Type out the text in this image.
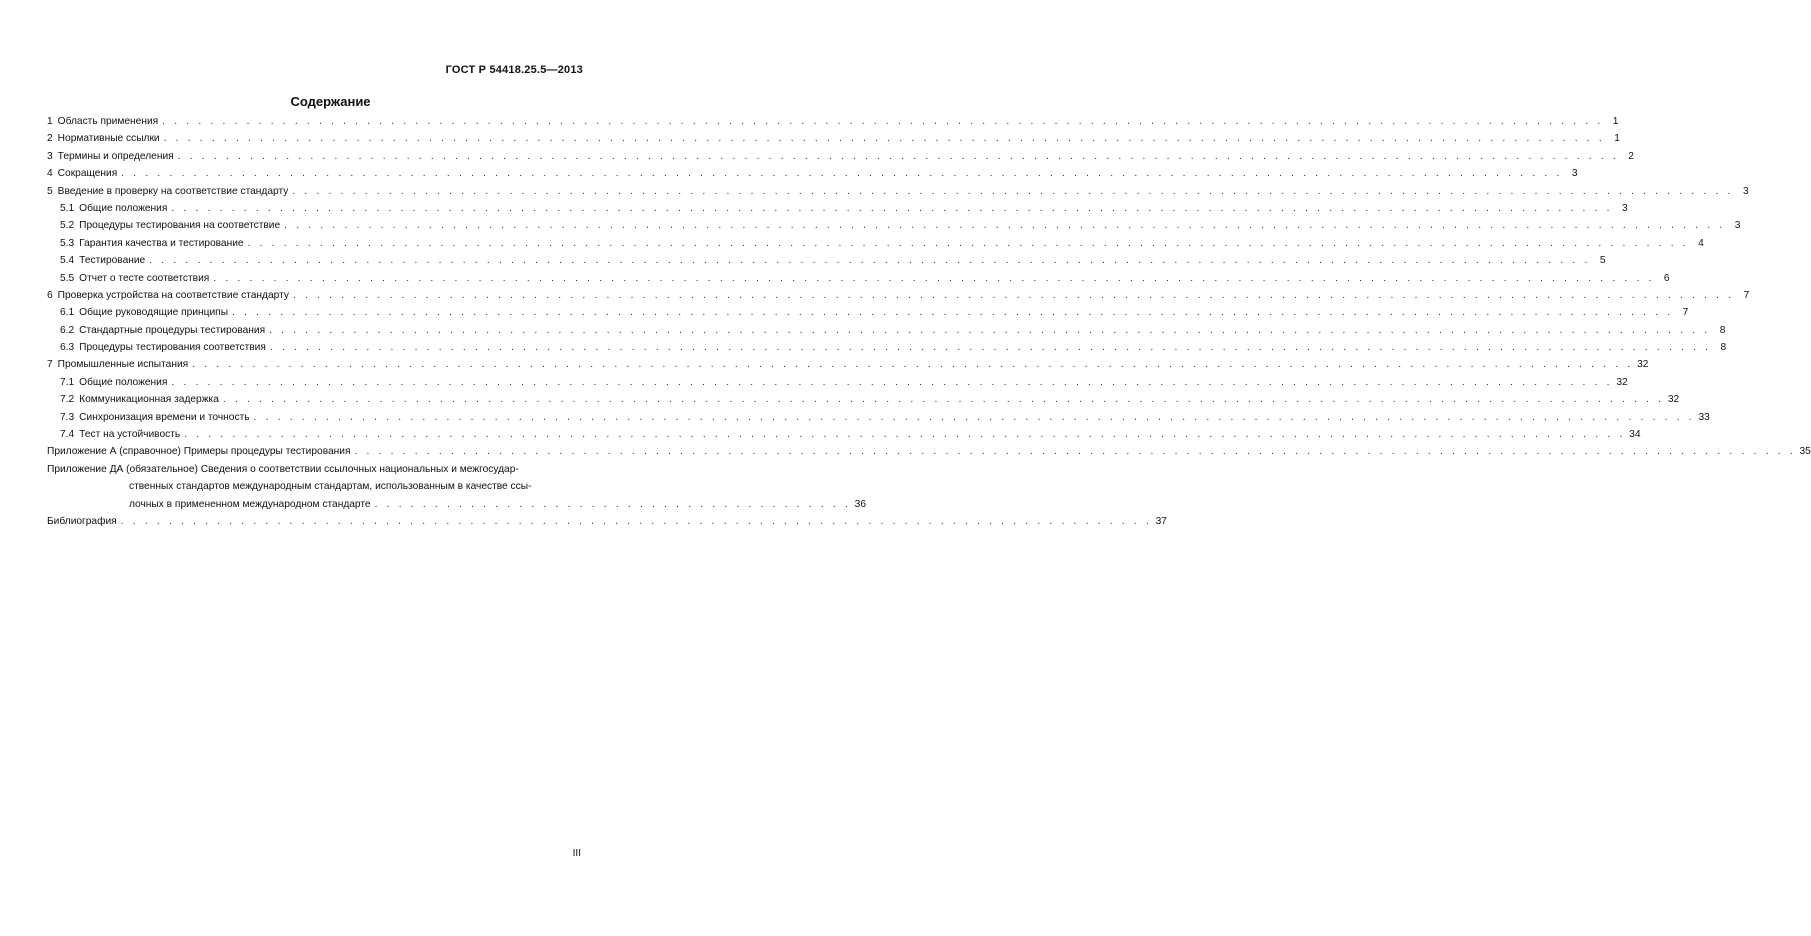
ГОСТ Р 54418.25.5—2013
Содержание
1 Область применения . . . . . . . . . . . . . . . . . . . . . . . . . . . . . . . . . . . . . . . . . . . . . . . . . . . . . . . . . . . . . . . . . . . . . . . . . . . . . . . . . . . . . . . . . . . . . . . . . . . . . . . . . . . . . . . . . . . . . . . . 1
2 Нормативные ссылки . . . . . . . . . . . . . . . . . . . . . . . . . . . . . . . . . . . . . . . . . . . . . . . . . . . . . . . . . . . . . . . . . . . . . . . . . . . . . . . . . . . . . . . . . . . . . . . . . . . . . . . . . . . . . . . . . . . . . . . . 1
3 Термины и определения . . . . . . . . . . . . . . . . . . . . . . . . . . . . . . . . . . . . . . . . . . . . . . . . . . . . . . . . . . . . . . . . . . . . . . . . . . . . . . . . . . . . . . . . . . . . . . . . . . . . . . . . . . . . . . . . . . . . . . . . 2
4 Сокращения . . . . . . . . . . . . . . . . . . . . . . . . . . . . . . . . . . . . . . . . . . . . . . . . . . . . . . . . . . . . . . . . . . . . . . . . . . . . . . . . . . . . . . . . . . . . . . . . . . . . . . . . . . . . . . . . . . . . . . . . 3
5 Введение в проверку на соответствие стандарту . . . . . . . . . . . . . . . . . . . . . . . . . . . . . . . . . . . . . . . . . . . . . . . . . . . . . . . . . . . . . . . . . . . . . . . . . . . . . . . . . . . . . . . . . . . . . . . . . . . . . . . . . . . . . . . . . . . . . . . . 3
5.1 Общие положения . . . . . . . . . . . . . . . . . . . . . . . . . . . . . . . . . . . . . . . . . . . . . . . . . . . . . . . . . . . . . . . . . . . . . . . . . . . . . . . . . . . . . . . . . . . . . . . . . . . . . . . . . . . . . . . . . . . . . . . . 3
5.2 Процедуры тестирования на соответствие . . . . . . . . . . . . . . . . . . . . . . . . . . . . . . . . . . . . . . . . . . . . . . . . . . . . . . . . . . . . . . . . . . . . . . . . . . . . . . . . . . . . . . . . . . . . . . . . . . . . . . . . . . . . . . . . . . . . . . . . 3
5.3 Гарантия качества и тестирование . . . . . . . . . . . . . . . . . . . . . . . . . . . . . . . . . . . . . . . . . . . . . . . . . . . . . . . . . . . . . . . . . . . . . . . . . . . . . . . . . . . . . . . . . . . . . . . . . . . . . . . . . . . . . . . . . . . . . . . . 4
5.4 Тестирование . . . . . . . . . . . . . . . . . . . . . . . . . . . . . . . . . . . . . . . . . . . . . . . . . . . . . . . . . . . . . . . . . . . . . . . . . . . . . . . . . . . . . . . . . . . . . . . . . . . . . . . . . . . . . . . . . . . . . . . . 5
5.5 Отчет о тесте соответствия . . . . . . . . . . . . . . . . . . . . . . . . . . . . . . . . . . . . . . . . . . . . . . . . . . . . . . . . . . . . . . . . . . . . . . . . . . . . . . . . . . . . . . . . . . . . . . . . . . . . . . . . . . . . . . . . . . . . . . . . 6
6 Проверка устройства на соответствие стандарту . . . . . . . . . . . . . . . . . . . . . . . . . . . . . . . . . . . . . . . . . . . . . . . . . . . . . . . . . . . . . . . . . . . . . . . . . . . . . . . . . . . . . . . . . . . . . . . . . . . . . . . . . . . . . . . . . . . . . . . . 7
6.1 Общие руководящие принципы . . . . . . . . . . . . . . . . . . . . . . . . . . . . . . . . . . . . . . . . . . . . . . . . . . . . . . . . . . . . . . . . . . . . . . . . . . . . . . . . . . . . . . . . . . . . . . . . . . . . . . . . . . . . . . . . . . . . . . . . 7
6.2 Стандартные процедуры тестирования . . . . . . . . . . . . . . . . . . . . . . . . . . . . . . . . . . . . . . . . . . . . . . . . . . . . . . . . . . . . . . . . . . . . . . . . . . . . . . . . . . . . . . . . . . . . . . . . . . . . . . . . . . . . . . . . . . . . . . . . 8
6.3 Процедуры тестирования соответствия . . . . . . . . . . . . . . . . . . . . . . . . . . . . . . . . . . . . . . . . . . . . . . . . . . . . . . . . . . . . . . . . . . . . . . . . . . . . . . . . . . . . . . . . . . . . . . . . . . . . . . . . . . . . . . . . . . . . . . . . 8
7 Промышленные испытания . . . . . . . . . . . . . . . . . . . . . . . . . . . . . . . . . . . . . . . . . . . . . . . . . . . . . . . . . . . . . . . . . . . . . . . . . . . . . . . . . . . . . . . . . . . . . . . . . . . . . . . . . . . . . . . . . . . . . . . . 32
7.1 Общие положения . . . . . . . . . . . . . . . . . . . . . . . . . . . . . . . . . . . . . . . . . . . . . . . . . . . . . . . . . . . . . . . . . . . . . . . . . . . . . . . . . . . . . . . . . . . . . . . . . . . . . . . . . . . . . . . . . . . . . . . . 32
7.2 Коммуникационная задержка . . . . . . . . . . . . . . . . . . . . . . . . . . . . . . . . . . . . . . . . . . . . . . . . . . . . . . . . . . . . . . . . . . . . . . . . . . . . . . . . . . . . . . . . . . . . . . . . . . . . . . . . . . . . . . . . . . . . . . . . 32
7.3 Синхронизация времени и точность . . . . . . . . . . . . . . . . . . . . . . . . . . . . . . . . . . . . . . . . . . . . . . . . . . . . . . . . . . . . . . . . . . . . . . . . . . . . . . . . . . . . . . . . . . . . . . . . . . . . . . . . . . . . . . . . . . . . . . . . 33
7.4 Тест на устойчивость . . . . . . . . . . . . . . . . . . . . . . . . . . . . . . . . . . . . . . . . . . . . . . . . . . . . . . . . . . . . . . . . . . . . . . . . . . . . . . . . . . . . . . . . . . . . . . . . . . . . . . . . . . . . . . . . . . . . . . . . 34
Приложение А (справочное) Примеры процедуры тестирования . . . . . . . . . . . . . . . . . . . . . . . . . . . . . . . . . . . . . . . . . . . . . . . . . . . . . . . . . . . . . . . . . . . . . . . . . . . . . . . . . . . . . . . . . . . . . . . . . . . . . . . . . . . . . . . . . . . . . . . . 35
Приложение ДА (обязательное) Сведения о соответствии ссылочных национальных и межгосудар-
ственных стандартов международным стандартам, использованным в качестве ссы-
лочных в примененном международном стандарте . . . . . . . . . . . . . . . . . . . . . . . . . . . . . . . . . . . . . . . . 36
Библиография . . . . . . . . . . . . . . . . . . . . . . . . . . . . . . . . . . . . . . . . . . . . . . . . . . . . . . . . . . . . . . . . . . . . . . . . . . . . . . . . . . . . . . 37
III
